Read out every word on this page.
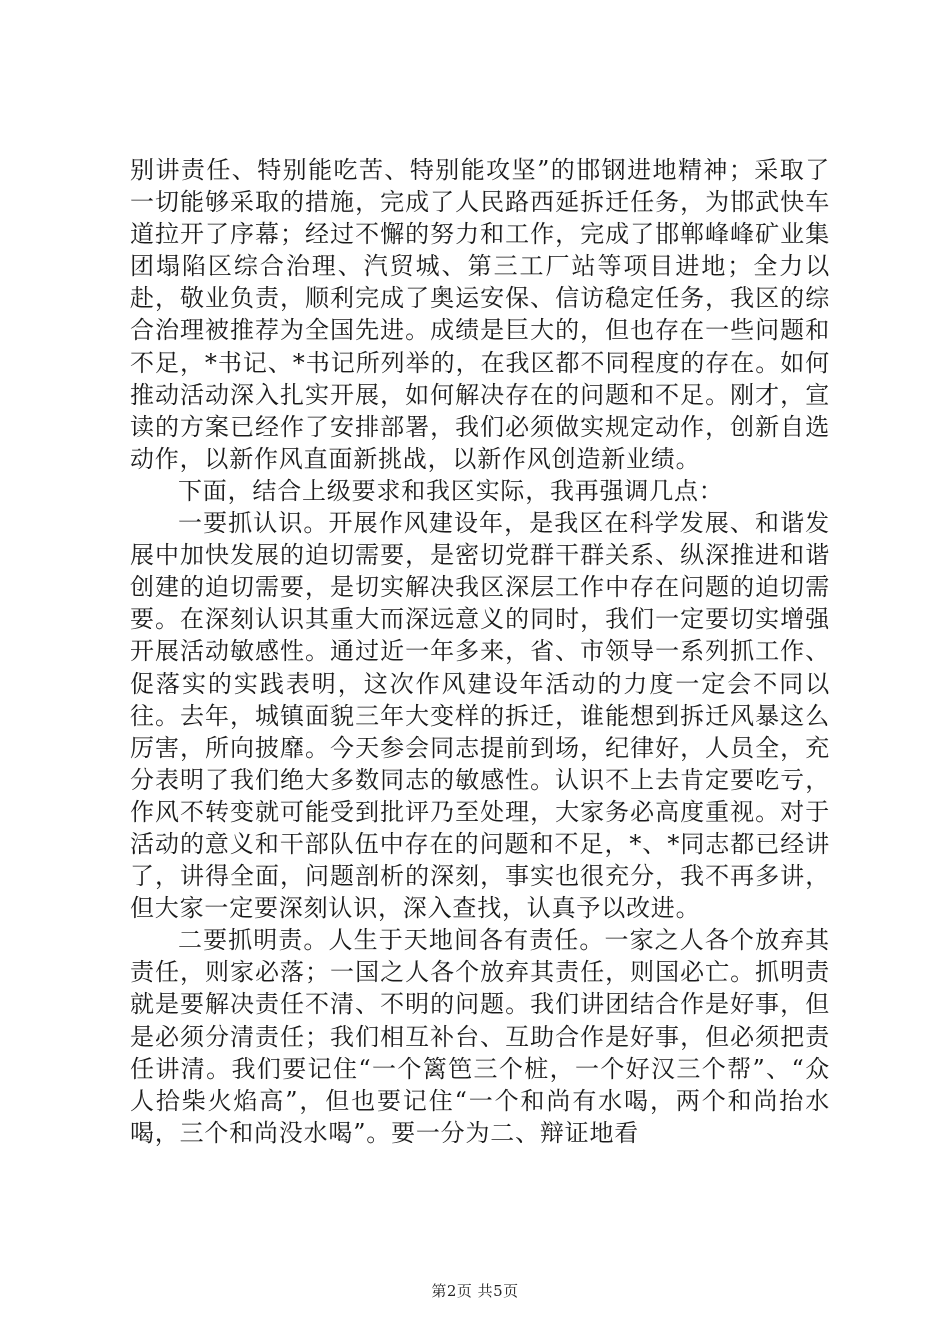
别讲责任、特别能吃苦、特别能攻坚”的邯钢进地精神；采取了一切能够采取的措施，完成了人民路西延拆迁任务，为邯武快车道拉开了序幕；经过不懈的努力和工作，完成了邯郸峰峰矿业集团塌陷区综合治理、汽贸城、第三工厂站等项目进地；全力以赴，敬业负责，顺利完成了奥运安保、信访稳定任务，我区的综合治理被推荐为全国先进。成绩是巨大的，但也存在一些问题和不足，*书记、*书记所列举的，在我区都不同程度的存在。如何推动活动深入扎实开展，如何解决存在的问题和不足。刚才，宣读的方案已经作了安排部署，我们必须做实规定动作，创新自选动作，以新作风直面新挑战，以新作风创造新业绩。

下面，结合上级要求和我区实际，我再强调几点：

一要抓认识。开展作风建设年，是我区在科学发展、和谐发展中加快发展的迫切需要，是密切党群干群关系、纵深推进和谐创建的迫切需要，是切实解决我区深层工作中存在问题的迫切需要。在深刻认识其重大而深远意义的同时，我们一定要切实增强开展活动敏感性。通过近一年多来，省、市领导一系列抓工作、促落实的实践表明，这次作风建设年活动的力度一定会不同以往。去年，城镇面貌三年大变样的拆迁，谁能想到拆迁风暴这么厉害，所向披靡。今天参会同志提前到场，纪律好，人员全，充分表明了我们绝大多数同志的敏感性。认识不上去肯定要吃亏，作风不转变就可能受到批评乃至处理，大家务必高度重视。对于活动的意义和干部队伍中存在的问题和不足，*、*同志都已经讲了，讲得全面，问题剖析的深刻，事实也很充分，我不再多讲，但大家一定要深刻认识，深入查找，认真予以改进。

二要抓明责。人生于天地间各有责任。一家之人各个放弃其责任，则家必落；一国之人各个放弃其责任，则国必亡。抓明责就是要解决责任不清、不明的问题。我们讲团结合作是好事，但是必须分清责任；我们相互补台、互助合作是好事，但必须把责任讲清。我们要记住“一个篱笆三个桩，一个好汉三个帮”、“众人拾柴火焰高”，但也要记住“一个和尚有水喝，两个和尚抬水喝，三个和尚没水喝”。要一分为二、辩证地看

第2页 共5页
